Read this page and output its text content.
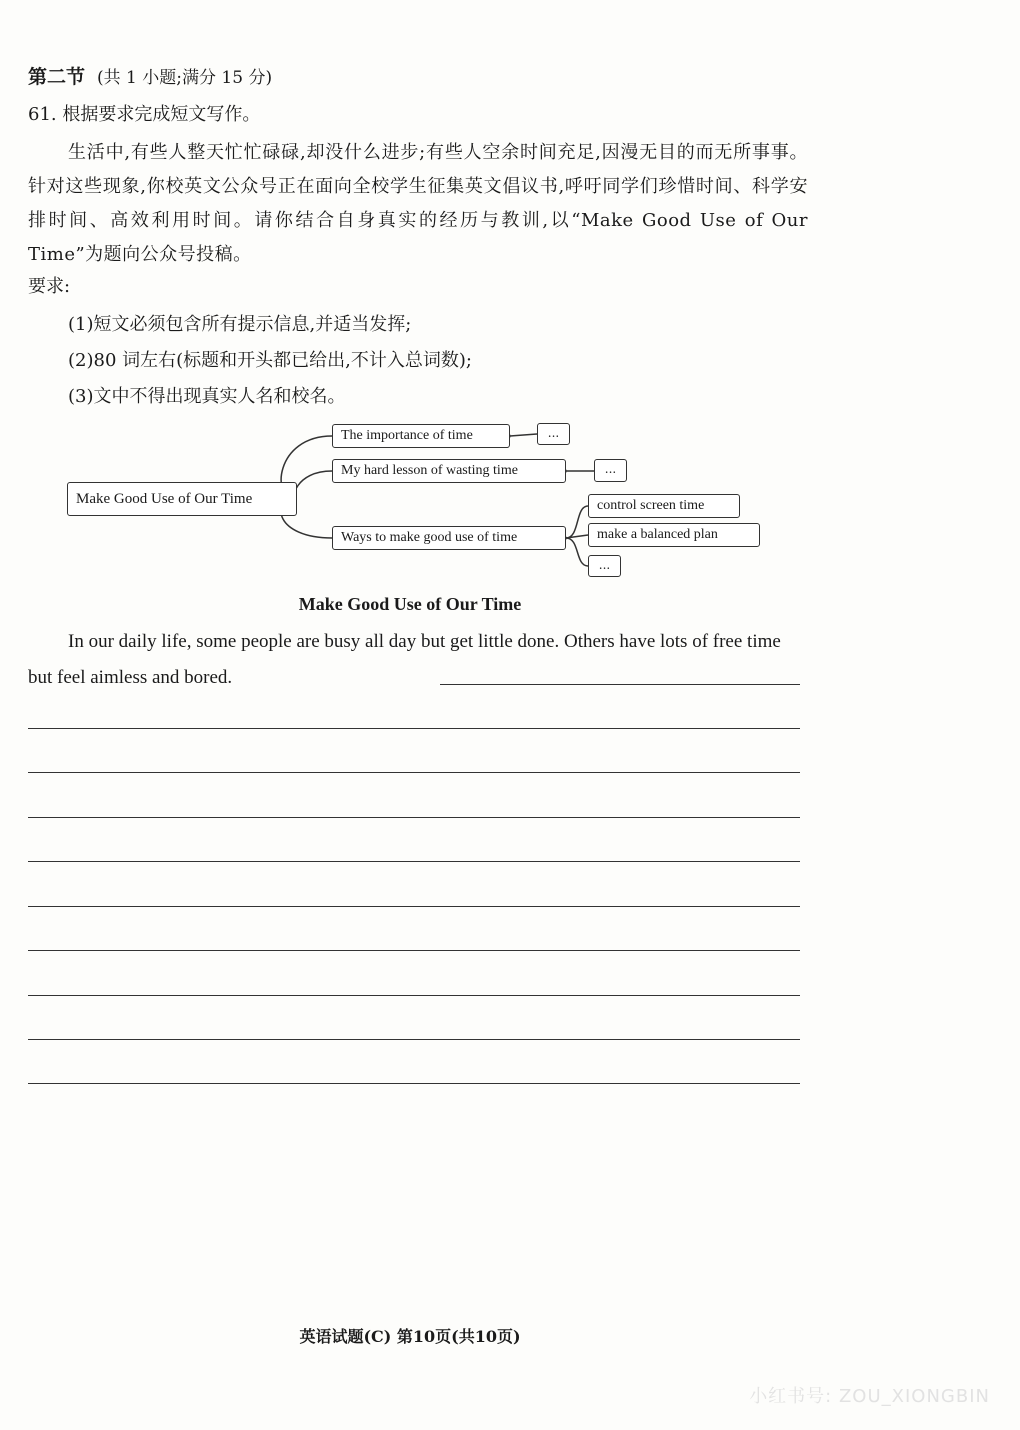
第二节 (共 1 小题;满分 15 分)
61. 根据要求完成短文写作。
生活中,有些人整天忙忙碌碌,却没什么进步;有些人空余时间充足,因漫无目的而无所事事。针对这些现象,你校英文公众号正在面向全校学生征集英文倡议书,呼吁同学们珍惜时间、科学安排时间、高效利用时间。请你结合自身真实的经历与教训,以“Make Good Use of Our Time”为题向公众号投稿。
要求:
(1)短文必须包含所有提示信息,并适当发挥;
(2)80 词左右(标题和开头都已给出,不计入总词数);
(3)文中不得出现真实人名和校名。
Make Good Use of Our Time
The importance of time	...
My hard lesson of wasting time	...
Ways to make good use of time
control screen time
make a balanced plan
...
Make Good Use of Our Time
In our daily life, some people are busy all day but get little done. Others have lots of free time but feel aimless and bored.
英语试题(C) 第10页(共10页)
小红书号: ZOU_XIONGBIN
